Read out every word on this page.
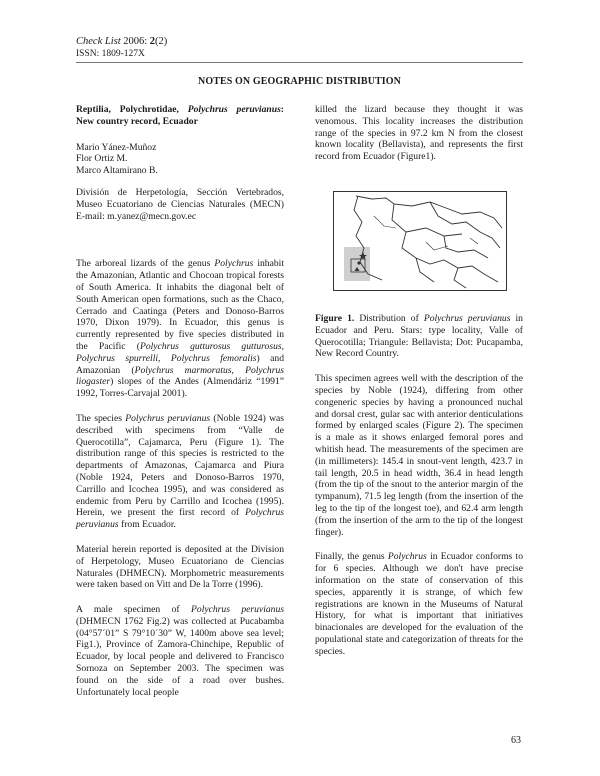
Check List 2006: 2(2)
ISSN: 1809-127X
NOTES ON GEOGRAPHIC DISTRIBUTION
Reptilia, Polychrotidae, Polychrus peruvianus: New country record, Ecuador
Mario Yánez-Muñoz
Flor Ortiz M.
Marco Altamirano B.
División de Herpetología, Sección Vertebrados, Museo Ecuatoriano de Ciencias Naturales (MECN) E-mail: m.yanez@mecn.gov.ec

The arboreal lizards of the genus Polychrus inhabit the Amazonian, Atlantic and Chocoan tropical forests of South America. It inhabits the diagonal belt of South American open formations, such as the Chaco, Cerrado and Caatinga (Peters and Donoso-Barros 1970, Dixon 1979). In Ecuador, this genus is currently represented by five species distributed in the Pacific (Polychrus gutturosus gutturosus, Polychrus spurrelli, Polychrus femoralis) and Amazonian (Polychrus marmoratus, Polychrus liogaster) slopes of the Andes (Almendáriz “1991” 1992, Torres-Carvajal 2001).

The species Polychrus peruvianus (Noble 1924) was described with specimens from “Valle de Querocotilla”, Cajamarca, Peru (Figure 1). The distribution range of this species is restricted to the departments of Amazonas, Cajamarca and Piura (Noble 1924, Peters and Donoso-Barros 1970, Carrillo and Icochea 1995), and was considered as endemic from Peru by Carrillo and Icochea (1995). Herein, we present the first record of Polychrus peruvianus from Ecuador.

Material herein reported is deposited at the Division of Herpetology, Museo Ecuatoriano de Ciencias Naturales (DHMECN). Morphometric measurements were taken based on Vitt and De la Torre (1996).

A male specimen of Polychrus peruvianus (DHMECN 1762 Fig.2) was collected at Pucabamba (04°57´01” S 79°10´30” W, 1400m above sea level; Fig1.), Province of Zamora-Chinchipe, Republic of Ecuador, by local people and delivered to Francisco Sornoza on September 2003. The specimen was found on the side of a road over bushes. Unfortunately local people

killed the lizard because they thought it was venomous. This locality increases the distribution range of the species in 97.2 km N from the closest known locality (Bellavista), and represents the first record from Ecuador (Figure1).

Figure 1. Distribution of Polychrus peruvianus in Ecuador and Peru. Stars: type locality, Valle of Querocotilla; Triangule: Bellavista; Dot: Pucapamba, New Record Country.

This specimen agrees well with the description of the species by Noble (1924), differing from other congeneric species by having a pronounced nuchal and dorsal crest, gular sac with anterior denticulations formed by enlarged scales (Figure 2). The specimen is a male as it shows enlarged femoral pores and whitish head. The measurements of the specimen are (in millimeters): 145.4 in snout-vent length, 423.7 in tail length, 20.5 in head width, 36.4 in head length (from the tip of the snout to the anterior margin of the tympanum), 71.5 leg length (from the insertion of the leg to the tip of the longest toe), and 62.4 arm length (from the insertion of the arm to the tip of the longest finger).

Finally, the genus Polychrus in Ecuador conforms to for 6 species. Although we don't have precise information on the state of conservation of this species, apparently it is strange, of which few registrations are known in the Museums of Natural History, for what is important that initiatives binacionales are developed for the evaluation of the populational state and categorization of threats for the species.

63
